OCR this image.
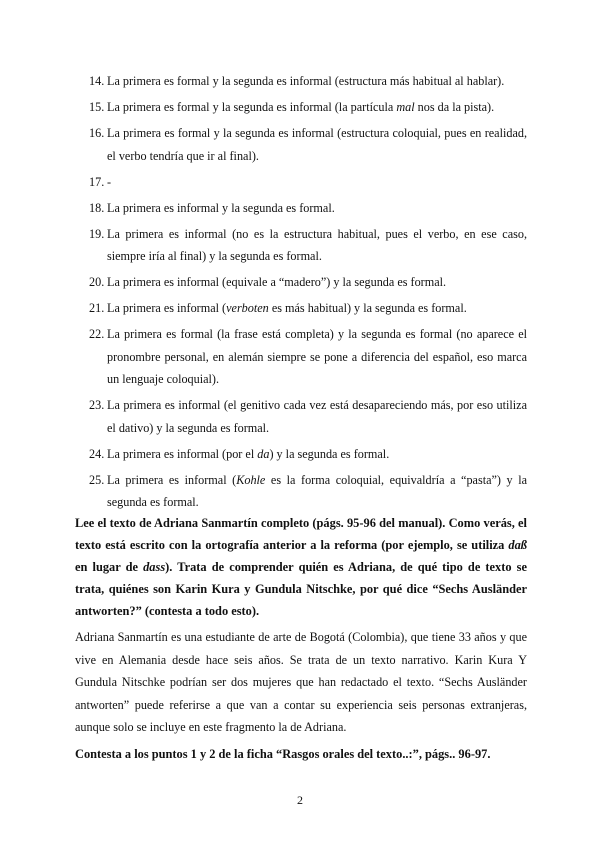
14. La primera es formal y la segunda es informal (estructura más habitual al hablar).
15. La primera es formal y la segunda es informal (la partícula mal nos da la pista).
16. La primera es formal y la segunda es informal (estructura coloquial, pues en realidad, el verbo tendría que ir al final).
17. -
18. La primera es informal y la segunda es formal.
19. La primera es informal (no es la estructura habitual, pues el verbo, en ese caso, siempre iría al final) y la segunda es formal.
20. La primera es informal (equivale a “madero”) y la segunda es formal.
21. La primera es informal (verboten es más habitual) y la segunda es formal.
22. La primera es formal (la frase está completa) y la segunda es formal (no aparece el pronombre personal, en alemán siempre se pone a diferencia del español, eso marca un lenguaje coloquial).
23. La primera es informal (el genitivo cada vez está desapareciendo más, por eso utiliza el dativo) y la segunda es formal.
24. La primera es informal (por el da) y la segunda es formal.
25. La primera es informal (Kohle es la forma coloquial, equivaldría a “pasta”) y la segunda es formal.
Lee el texto de Adriana Sanmartín completo (págs. 95-96 del manual). Como verás, el texto está escrito con la ortografía anterior a la reforma (por ejemplo, se utiliza daß en lugar de dass). Trata de comprender quién es Adriana, de qué tipo de texto se trata, quiénes son Karin Kura y Gundula Nitschke, por qué dice “Sechs Ausländer antworten?” (contesta a todo esto).
Adriana Sanmartín es una estudiante de arte de Bogotá (Colombia), que tiene 33 años y que vive en Alemania desde hace seis años. Se trata de un texto narrativo. Karin Kura Y Gundula Nitschke podrían ser dos mujeres que han redactado el texto. “Sechs Ausländer antworten” puede referirse a que van a contar su experiencia seis personas extranjeras, aunque solo se incluye en este fragmento la de Adriana.
Contesta a los puntos 1 y 2 de la ficha “Rasgos orales del texto..:”, págs.. 96-97.
2
